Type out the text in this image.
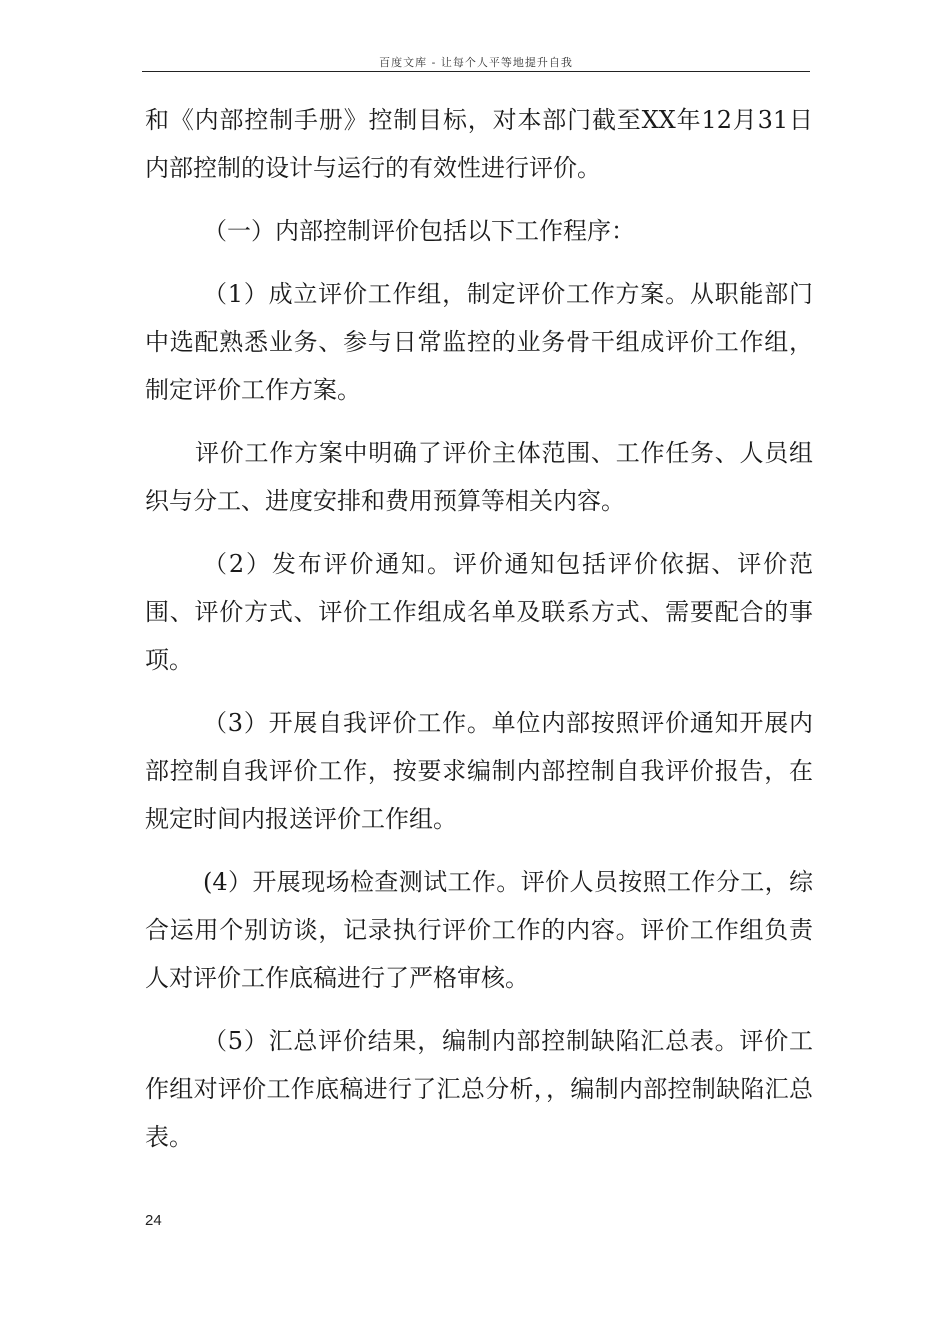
百度文库 - 让每个人平等地提升自我

和《内部控制手册》控制目标，对本部门截至XX年12月31日内部控制的设计与运行的有效性进行评价。

（一）内部控制评价包括以下工作程序：

（1）成立评价工作组，制定评价工作方案。从职能部门中选配熟悉业务、参与日常监控的业务骨干组成评价工作组，制定评价工作方案。

评价工作方案中明确了评价主体范围、工作任务、人员组织与分工、进度安排和费用预算等相关内容。

（2）发布评价通知。评价通知包括评价依据、评价范围、评价方式、评价工作组成名单及联系方式、需要配合的事项。

（3）开展自我评价工作。单位内部按照评价通知开展内部控制自我评价工作，按要求编制内部控制自我评价报告，在规定时间内报送评价工作组。

(4）开展现场检查测试工作。评价人员按照工作分工，综合运用个别访谈，记录执行评价工作的内容。评价工作组负责人对评价工作底稿进行了严格审核。

（5）汇总评价结果，编制内部控制缺陷汇总表。评价工作组对评价工作底稿进行了汇总分析，，编制内部控制缺陷汇总表。

24
